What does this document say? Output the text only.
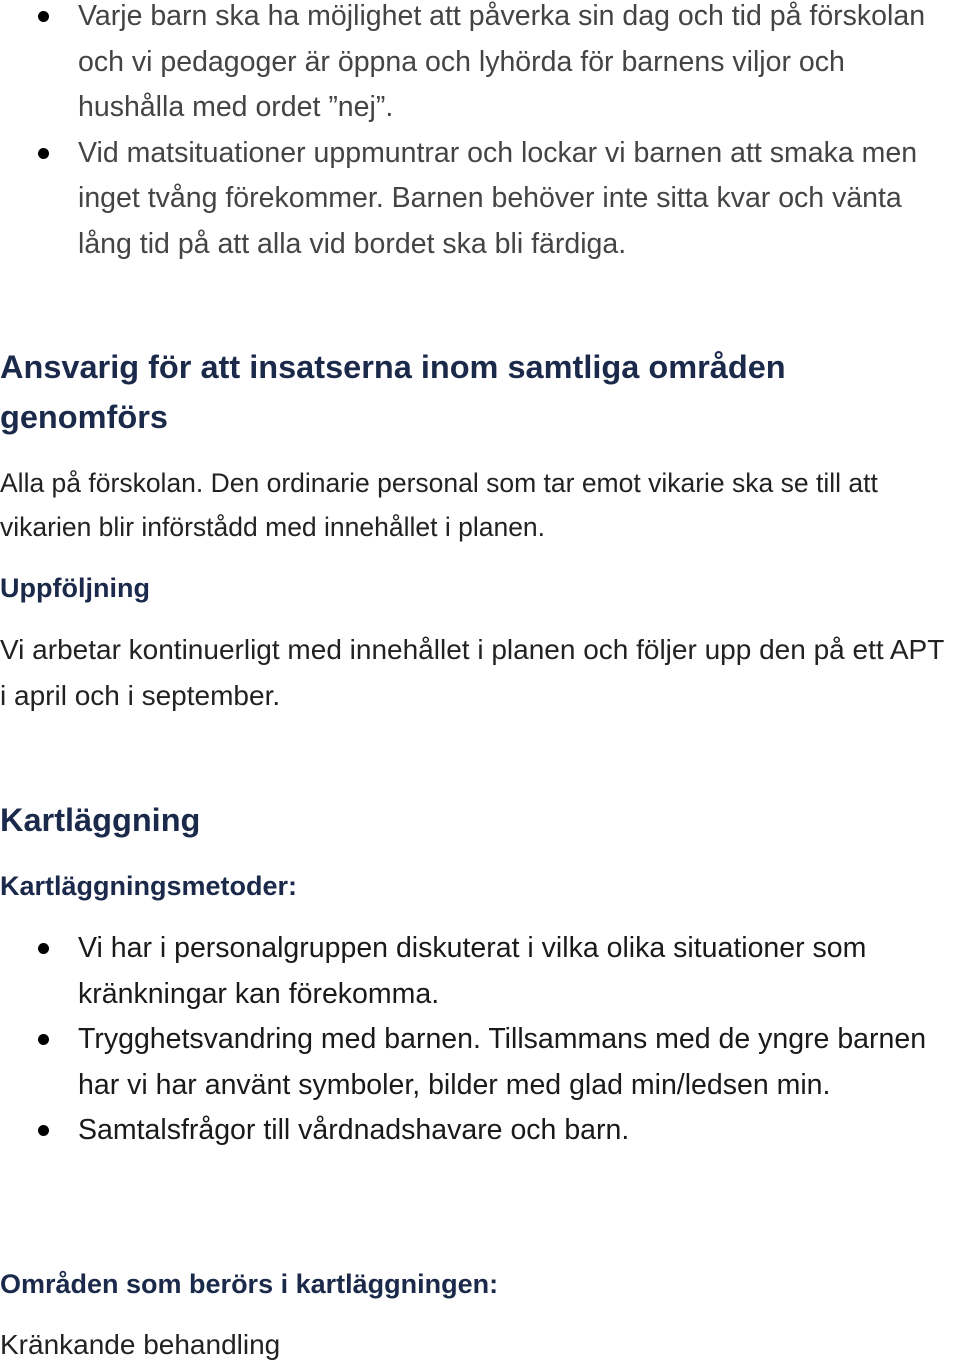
Varje barn ska ha möjlighet att påverka sin dag och tid på förskolan och vi pedagoger är öppna och lyhörda för barnens viljor och hushålla med ordet ”nej”.
Vid matsituationer uppmuntrar och lockar vi barnen att smaka men inget tvång förekommer. Barnen behöver inte sitta kvar och vänta lång tid på att alla vid bordet ska bli färdiga.
Ansvarig för att insatserna inom samtliga områden genomförs

Alla på förskolan. Den ordinarie personal som tar emot vikarie ska se till att vikarien blir införstådd med innehållet i planen.

Uppföljning

Vi arbetar kontinuerligt med innehållet i planen och följer upp den på ett APT i april och i september.

Kartläggning
Kartläggningsmetoder:
Vi har i personalgruppen diskuterat i vilka olika situationer som kränkningar kan förekomma.
Trygghetsvandring med barnen. Tillsammans med de yngre barnen har vi har använt symboler, bilder med glad min/ledsen min.
Samtalsfrågor till vårdnadshavare och barn.
Områden som berörs i kartläggningen:

Kränkande behandling
